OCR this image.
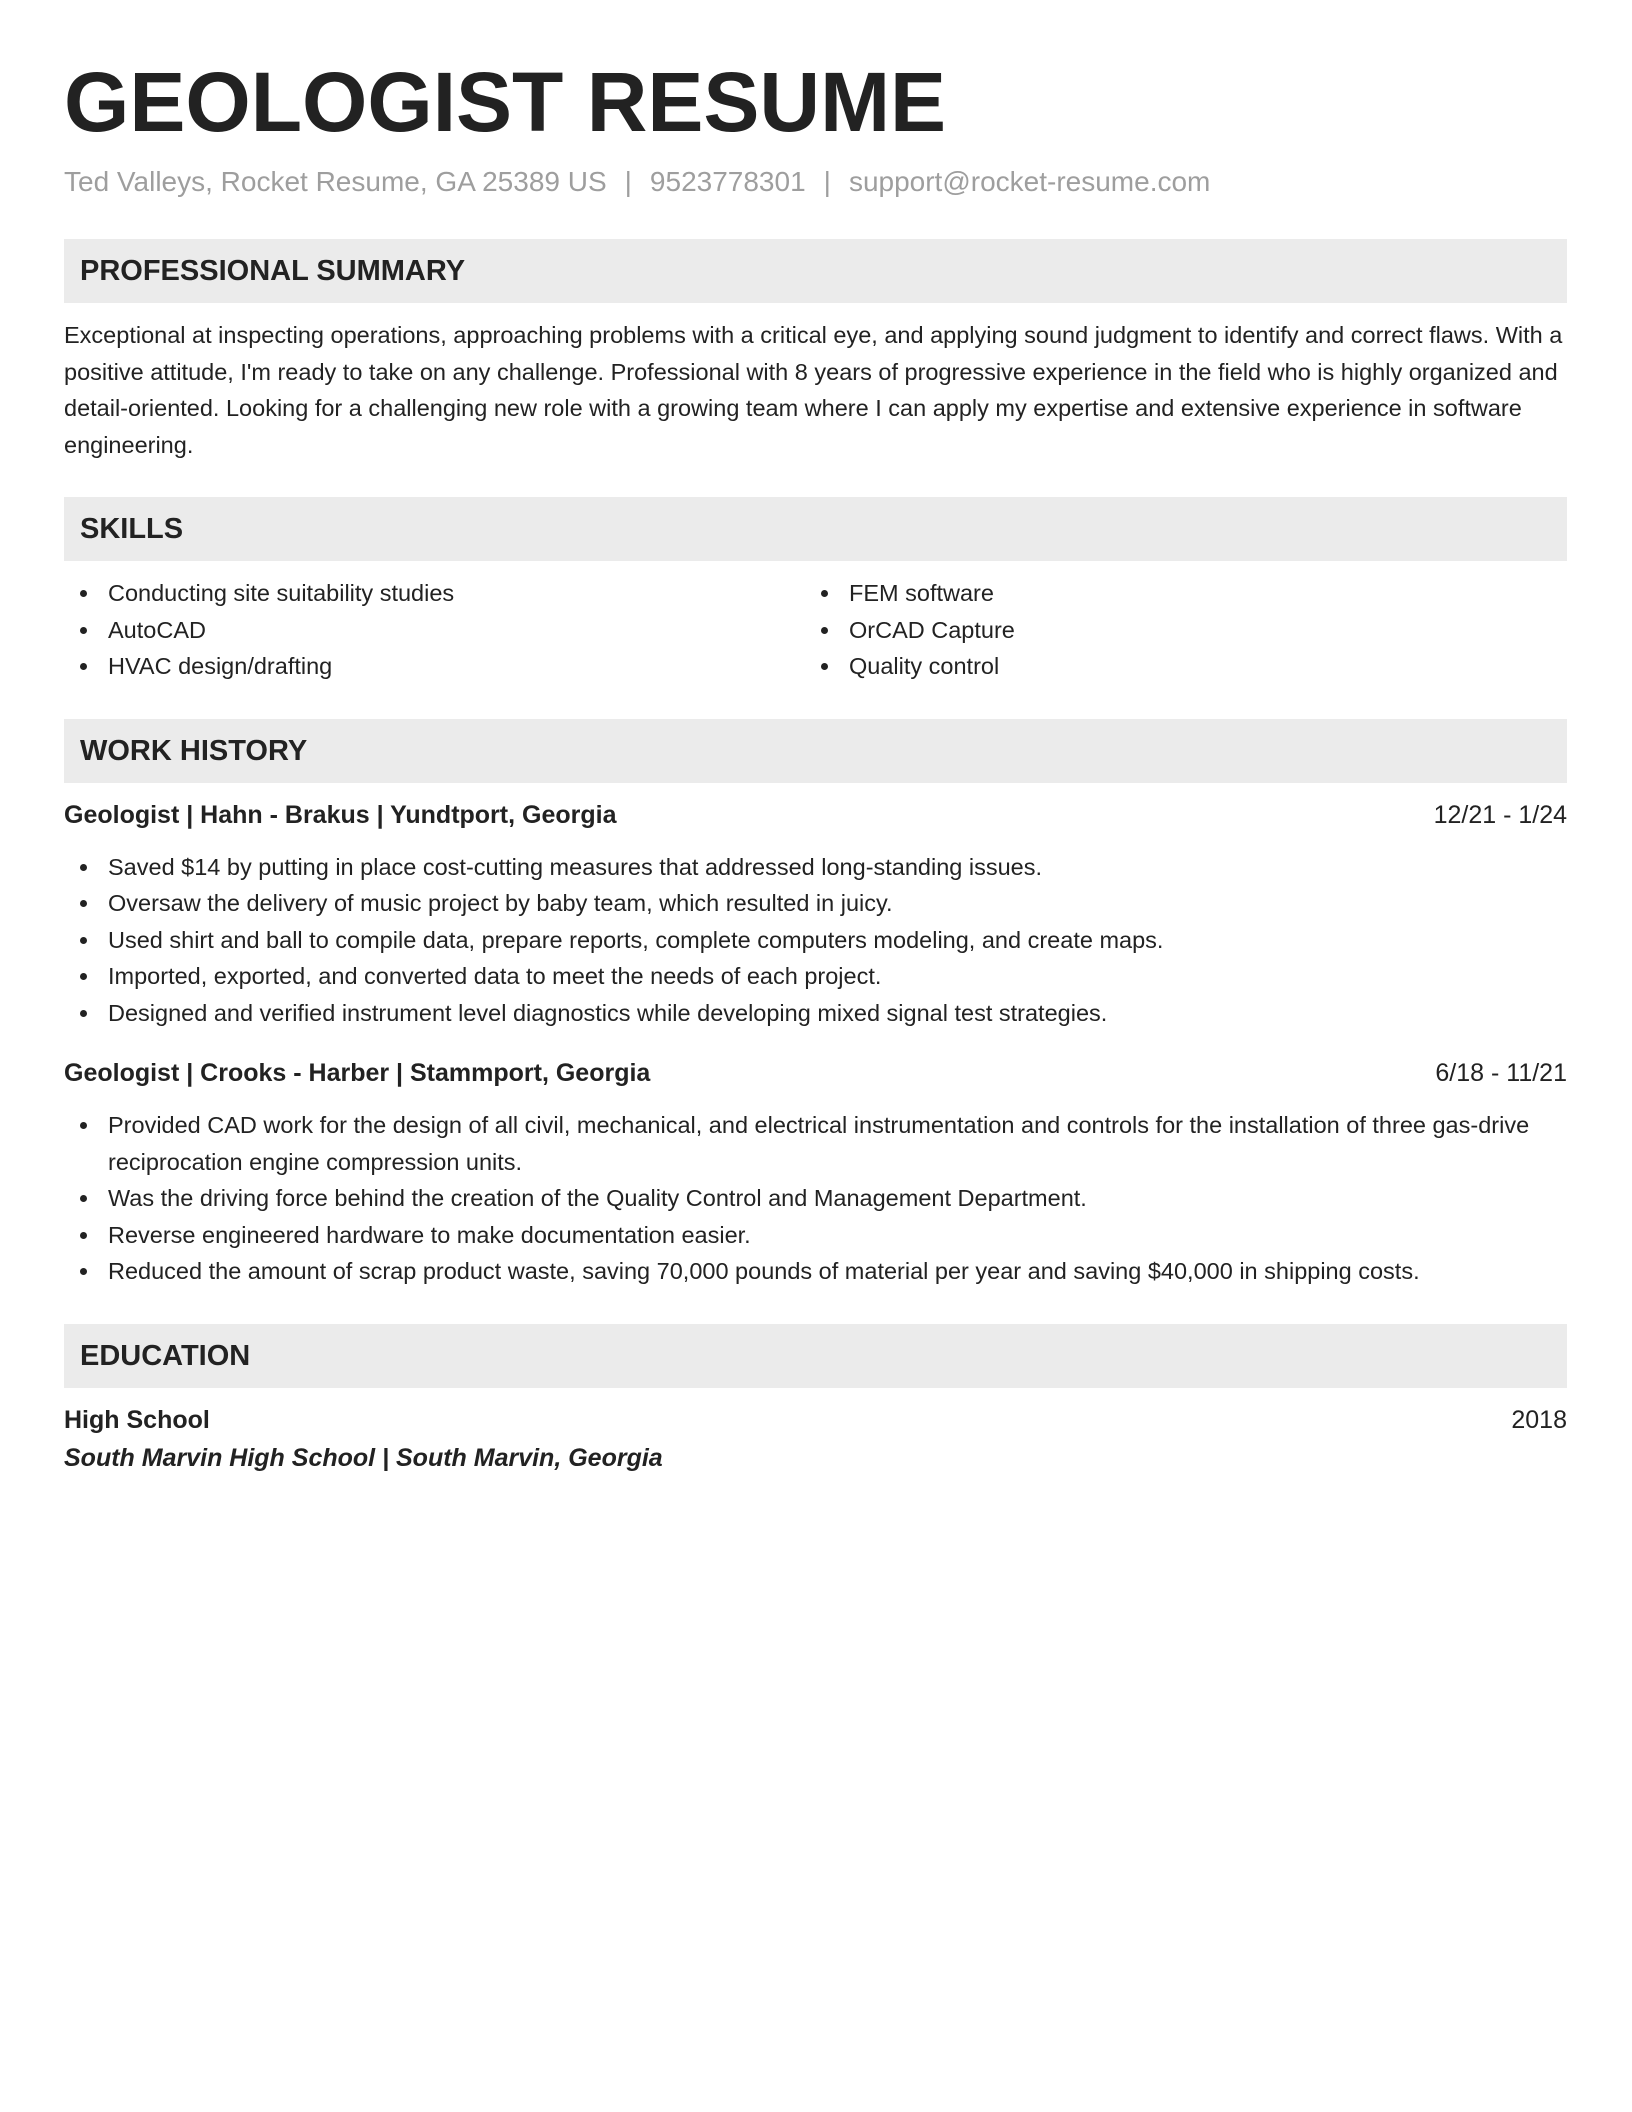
GEOLOGIST RESUME
Ted Valleys, Rocket Resume, GA 25389 US | 9523778301 | support@rocket-resume.com
PROFESSIONAL SUMMARY

Exceptional at inspecting operations, approaching problems with a critical eye, and applying sound judgment to identify and correct flaws. With a positive attitude, I'm ready to take on any challenge. Professional with 8 years of progressive experience in the field who is highly organized and detail-oriented. Looking for a challenging new role with a growing team where I can apply my expertise and extensive experience in software engineering.

SKILLS
Conducting site suitability studies
AutoCAD
HVAC design/drafting
FEM software
OrCAD Capture
Quality control
WORK HISTORY
Geologist | Hahn - Brakus | Yundtport, Georgia	12/21 - 1/24
Saved $14 by putting in place cost-cutting measures that addressed long-standing issues.
Oversaw the delivery of music project by baby team, which resulted in juicy.
Used shirt and ball to compile data, prepare reports, complete computers modeling, and create maps.
Imported, exported, and converted data to meet the needs of each project.
Designed and verified instrument level diagnostics while developing mixed signal test strategies.
Geologist | Crooks - Harber | Stammport, Georgia	6/18 - 11/21
Provided CAD work for the design of all civil, mechanical, and electrical instrumentation and controls for the installation of three gas-drive reciprocation engine compression units.
Was the driving force behind the creation of the Quality Control and Management Department.
Reverse engineered hardware to make documentation easier.
Reduced the amount of scrap product waste, saving 70,000 pounds of material per year and saving $40,000 in shipping costs.
EDUCATION
High School	2018
South Marvin High School | South Marvin, Georgia
